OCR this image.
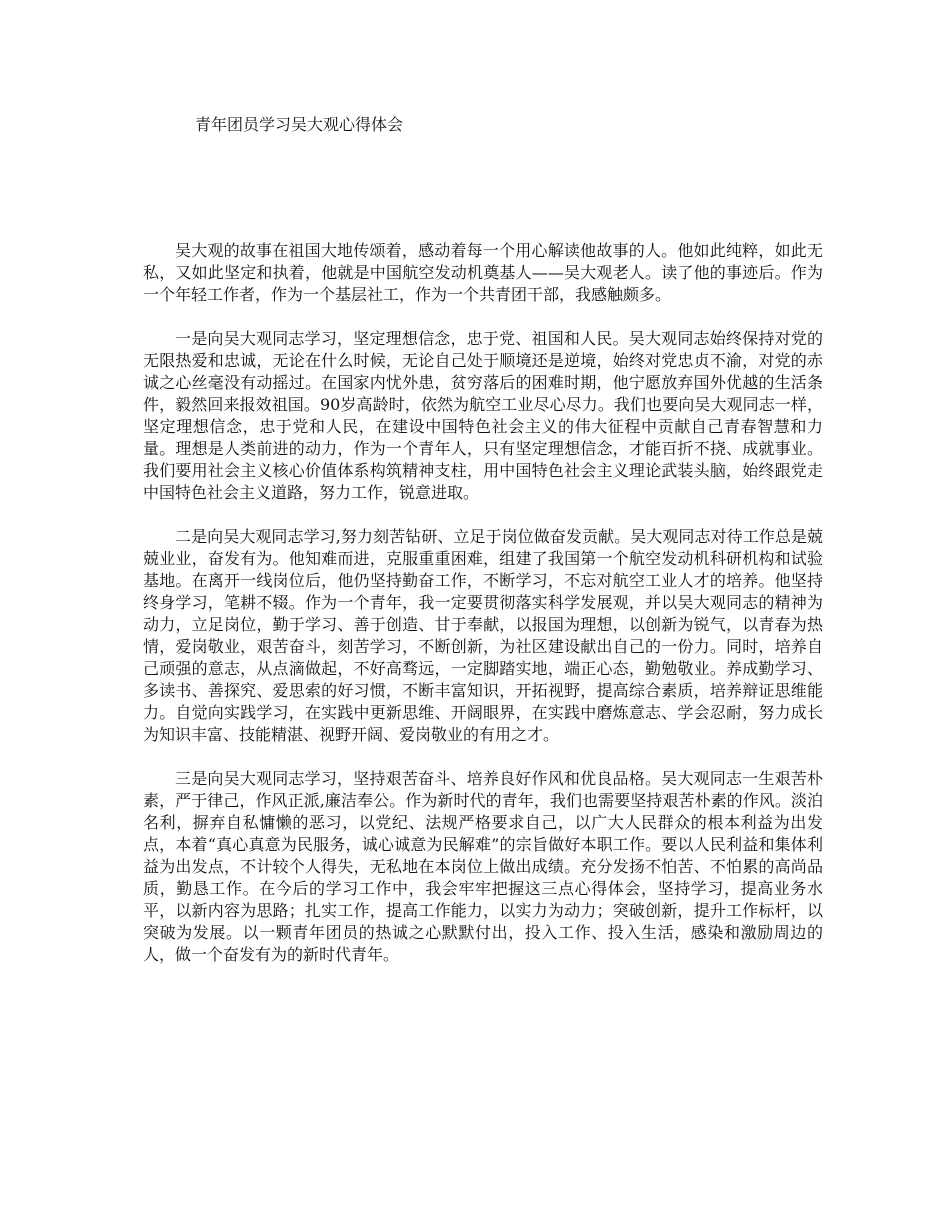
青年团员学习吴大观心得体会

吴大观的故事在祖国大地传颂着，感动着每一个用心解读他故事的人。他如此纯粹，如此无私，又如此坚定和执着，他就是中国航空发动机奠基人——吴大观老人。读了他的事迹后。作为一个年轻工作者，作为一个基层社工，作为一个共青团干部，我感触颇多。

一是向吴大观同志学习，坚定理想信念，忠于党、祖国和人民。吴大观同志始终保持对党的无限热爱和忠诚，无论在什么时候，无论自己处于顺境还是逆境，始终对党忠贞不渝，对党的赤诚之心丝毫没有动摇过。在国家内忧外患，贫穷落后的困难时期，他宁愿放弃国外优越的生活条件，毅然回来报效祖国。90岁高龄时，依然为航空工业尽心尽力。我们也要向吴大观同志一样，坚定理想信念，忠于党和人民，在建设中国特色社会主义的伟大征程中贡献自己青春智慧和力量。理想是人类前进的动力，作为一个青年人，只有坚定理想信念，才能百折不挠、成就事业。我们要用社会主义核心价值体系构筑精神支柱，用中国特色社会主义理论武装头脑，始终跟党走中国特色社会主义道路，努力工作，锐意进取。

二是向吴大观同志学习,努力刻苦钻研、立足于岗位做奋发贡献。吴大观同志对待工作总是兢兢业业，奋发有为。他知难而进，克服重重困难，组建了我国第一个航空发动机科研机构和试验基地。在离开一线岗位后，他仍坚持勤奋工作，不断学习，不忘对航空工业人才的培养。他坚持终身学习，笔耕不辍。作为一个青年，我一定要贯彻落实科学发展观，并以吴大观同志的精神为动力，立足岗位，勤于学习、善于创造、甘于奉献，以报国为理想，以创新为锐气，以青春为热情，爱岗敬业，艰苦奋斗，刻苦学习，不断创新，为社区建设献出自己的一份力。同时，培养自己顽强的意志，从点滴做起，不好高骛远，一定脚踏实地，端正心态，勤勉敬业。养成勤学习、多读书、善探究、爱思索的好习惯，不断丰富知识，开拓视野，提高综合素质，培养辩证思维能力。自觉向实践学习，在实践中更新思维、开阔眼界，在实践中磨炼意志、学会忍耐，努力成长为知识丰富、技能精湛、视野开阔、爱岗敬业的有用之才。

三是向吴大观同志学习，坚持艰苦奋斗、培养良好作风和优良品格。吴大观同志一生艰苦朴素，严于律己，作风正派,廉洁奉公。作为新时代的青年，我们也需要坚持艰苦朴素的作风。淡泊名利，摒弃自私慵懒的恶习，以党纪、法规严格要求自己，以广大人民群众的根本利益为出发点，本着“真心真意为民服务，诚心诚意为民解难”的宗旨做好本职工作。要以人民利益和集体利益为出发点，不计较个人得失，无私地在本岗位上做出成绩。充分发扬不怕苦、不怕累的高尚品质，勤恳工作。在今后的学习工作中，我会牢牢把握这三点心得体会，坚持学习，提高业务水平，以新内容为思路；扎实工作，提高工作能力，以实力为动力；突破创新，提升工作标杆，以突破为发展。以一颗青年团员的热诚之心默默付出，投入工作、投入生活，感染和激励周边的人，做一个奋发有为的新时代青年。
